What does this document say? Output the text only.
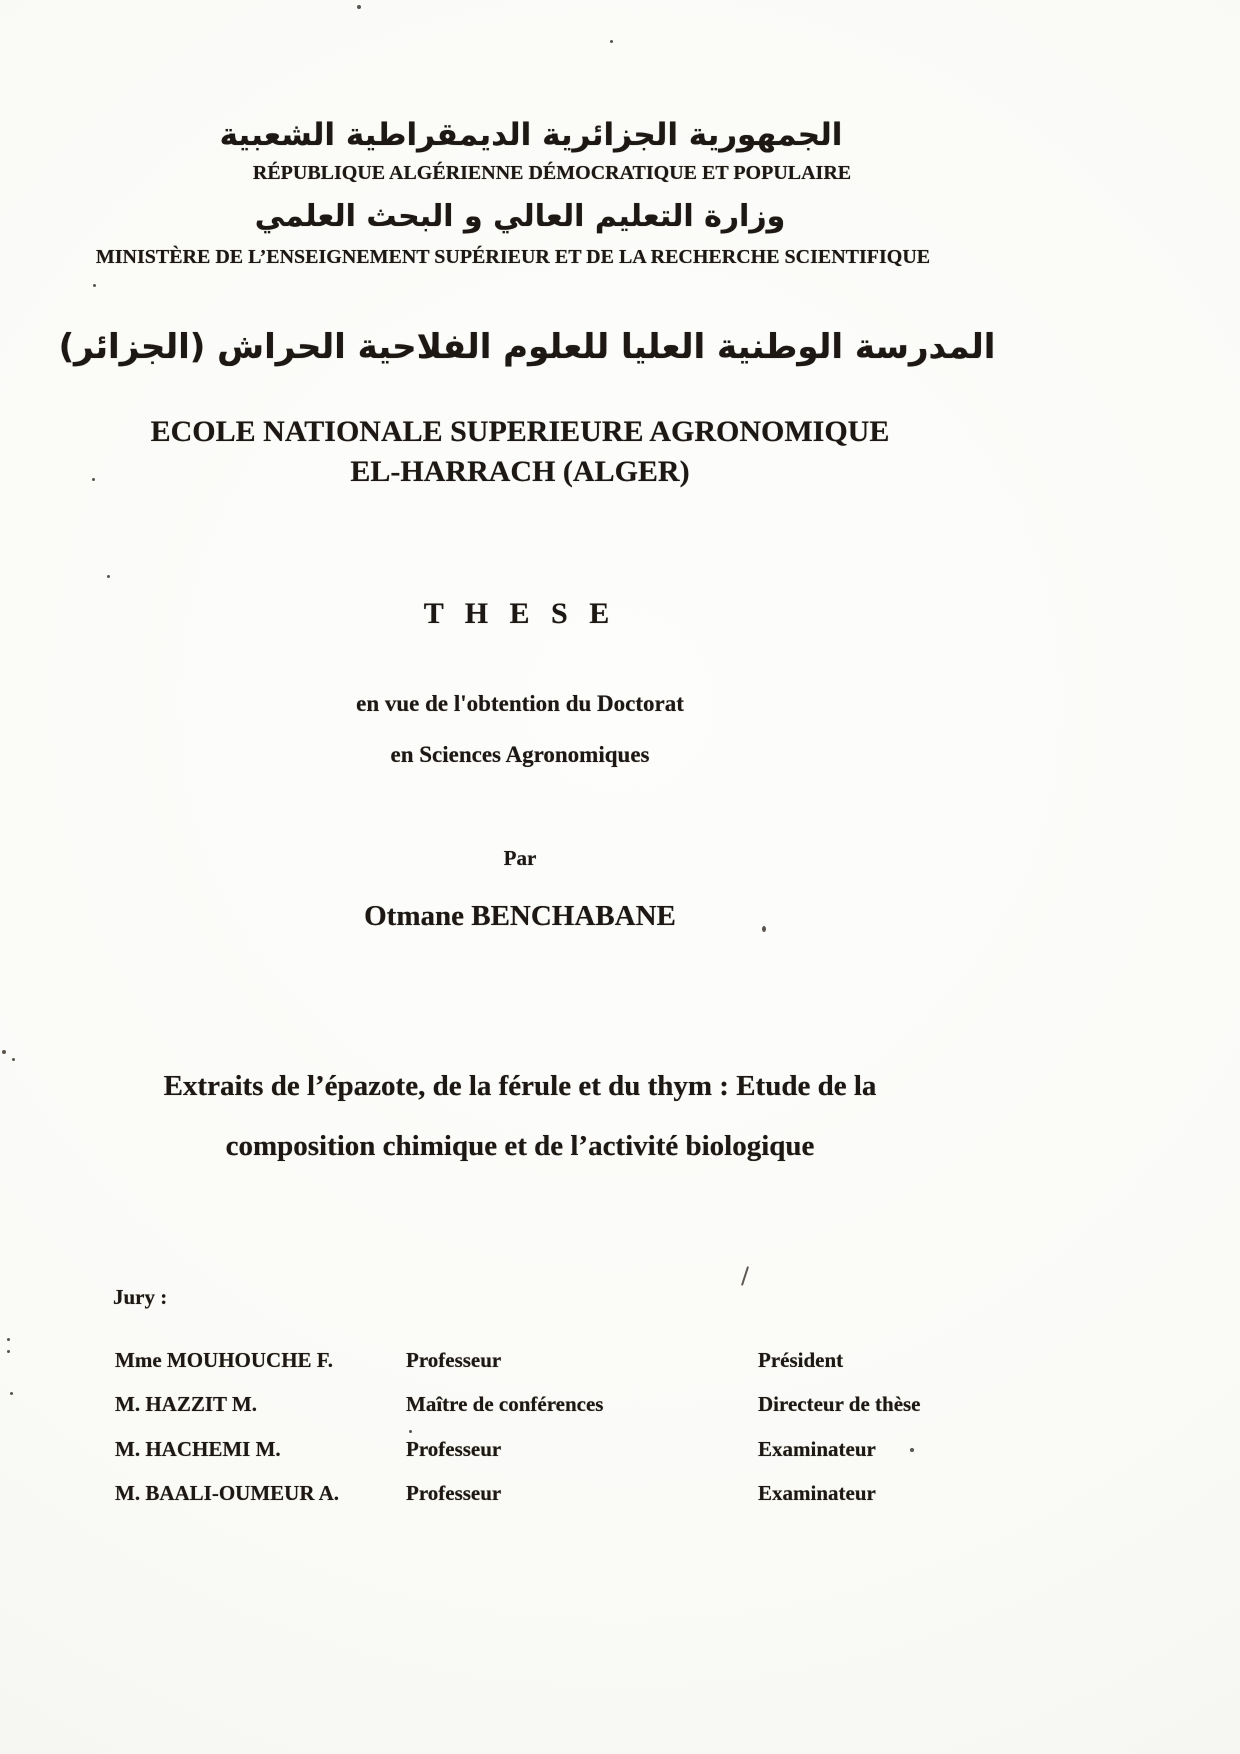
الجمهورية الجزائرية الديمقراطية الشعبية
RÉPUBLIQUE ALGÉRIENNE DÉMOCRATIQUE ET POPULAIRE
وزارة التعليم العالي و البحث العلمي
MINISTÈRE DE L’ENSEIGNEMENT SUPÉRIEUR ET DE LA RECHERCHE SCIENTIFIQUE
المدرسة الوطنية العليا للعلوم الفلاحية الحراش (الجزائر)
ECOLE NATIONALE SUPERIEURE AGRONOMIQUE
EL-HARRACH (ALGER)
T H E S E
en vue de l'obtention du Doctorat
en Sciences Agronomiques
Par
Otmane BENCHABANE
Extraits de l’épazote, de la férule et du thym : Etude de la
composition chimique et de l’activité biologique
Jury :
Mme MOUHOUCHE F.	Professeur	Président
M. HAZZIT M.	Maître de conférences	Directeur de thèse
M. HACHEMI M.	Professeur	Examinateur
M. BAALI-OUMEUR A.	Professeur	Examinateur
